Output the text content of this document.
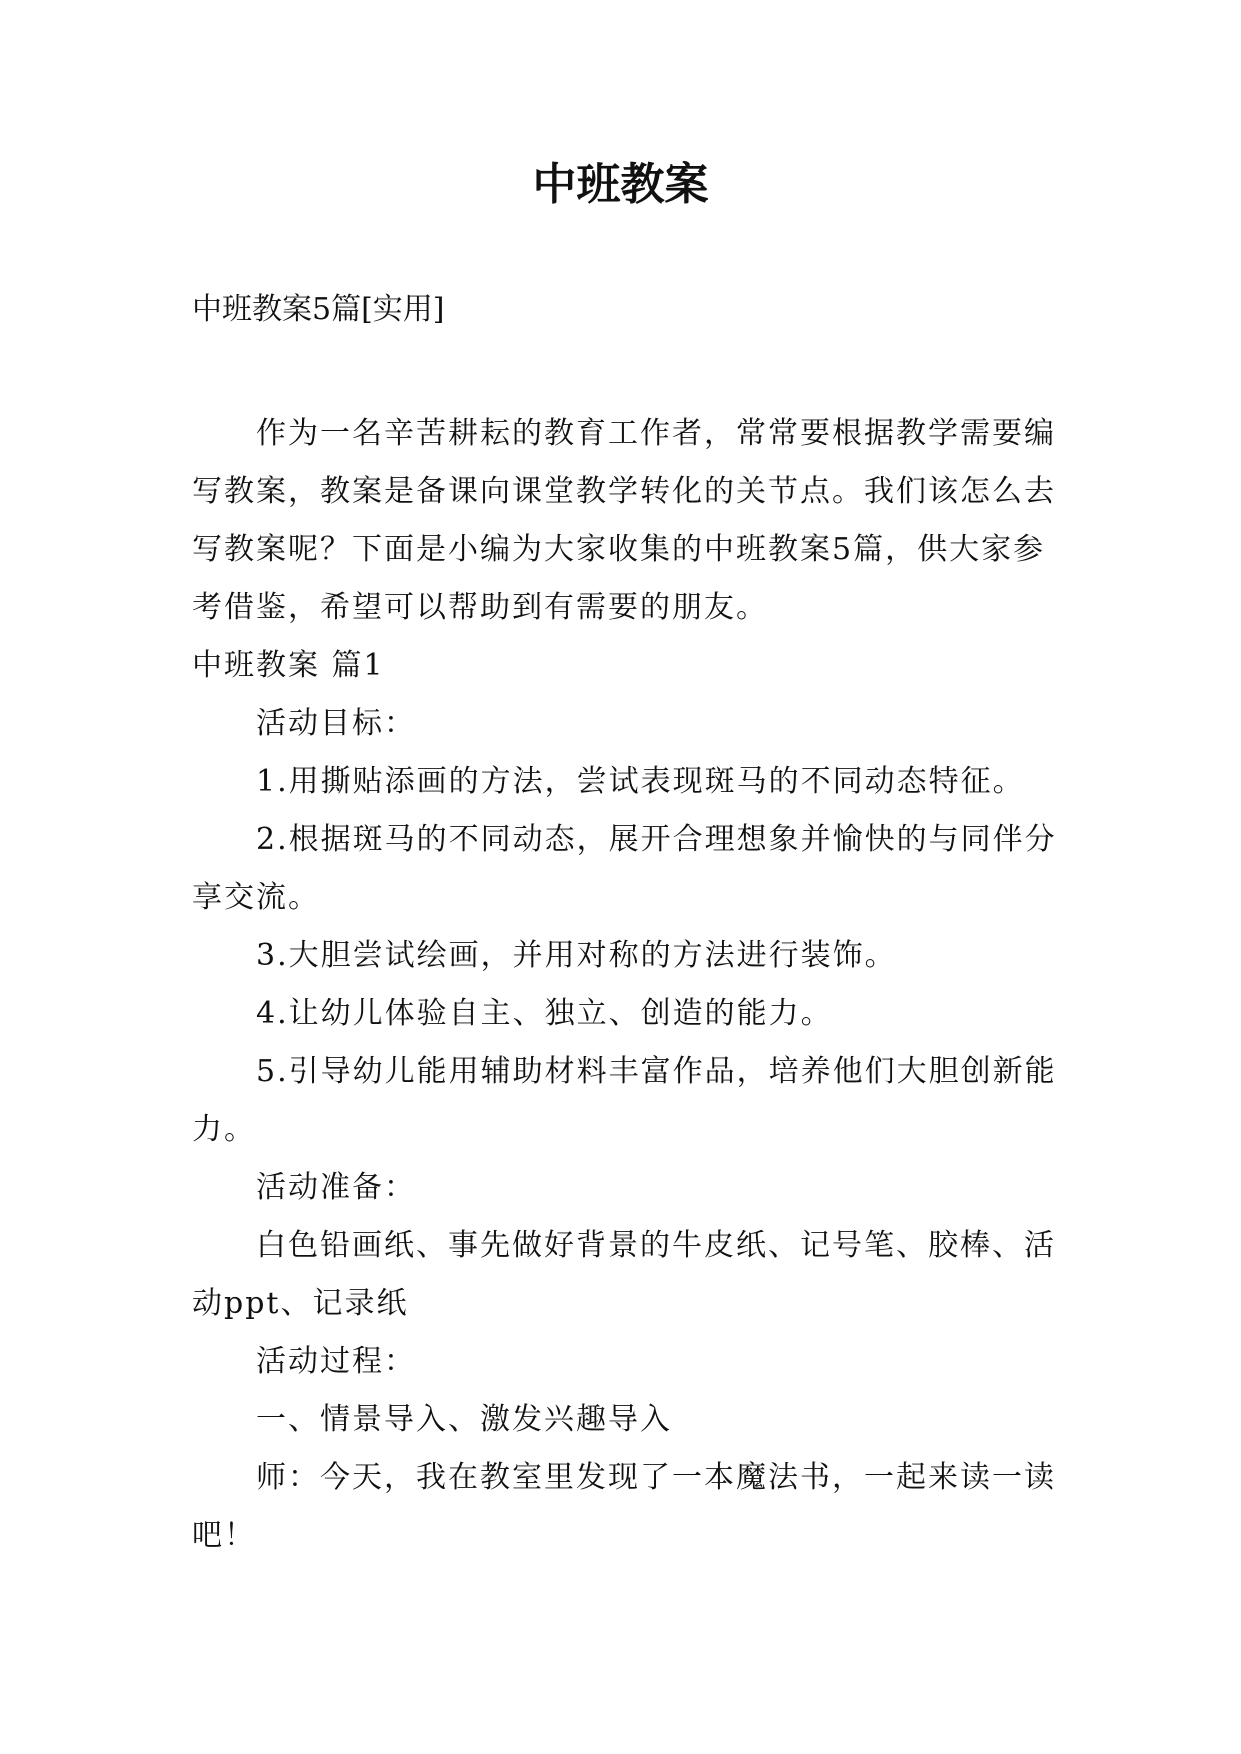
中班教案
中班教案5篇[实用]

作为一名辛苦耕耘的教育工作者，常常要根据教学需要编写教案，教案是备课向课堂教学转化的关节点。我们该怎么去写教案呢？下面是小编为大家收集的中班教案5篇，供大家参考借鉴，希望可以帮助到有需要的朋友。

中班教案 篇1

活动目标：

1.用撕贴添画的方法，尝试表现斑马的不同动态特征。

2.根据斑马的不同动态，展开合理想象并愉快的与同伴分享交流。

3.大胆尝试绘画，并用对称的方法进行装饰。

4.让幼儿体验自主、独立、创造的能力。

5.引导幼儿能用辅助材料丰富作品，培养他们大胆创新能力。

活动准备：

白色铅画纸、事先做好背景的牛皮纸、记号笔、胶棒、活动ppt、记录纸

活动过程：

一、情景导入、激发兴趣导入

师：今天，我在教室里发现了一本魔法书，一起来读一读吧！
